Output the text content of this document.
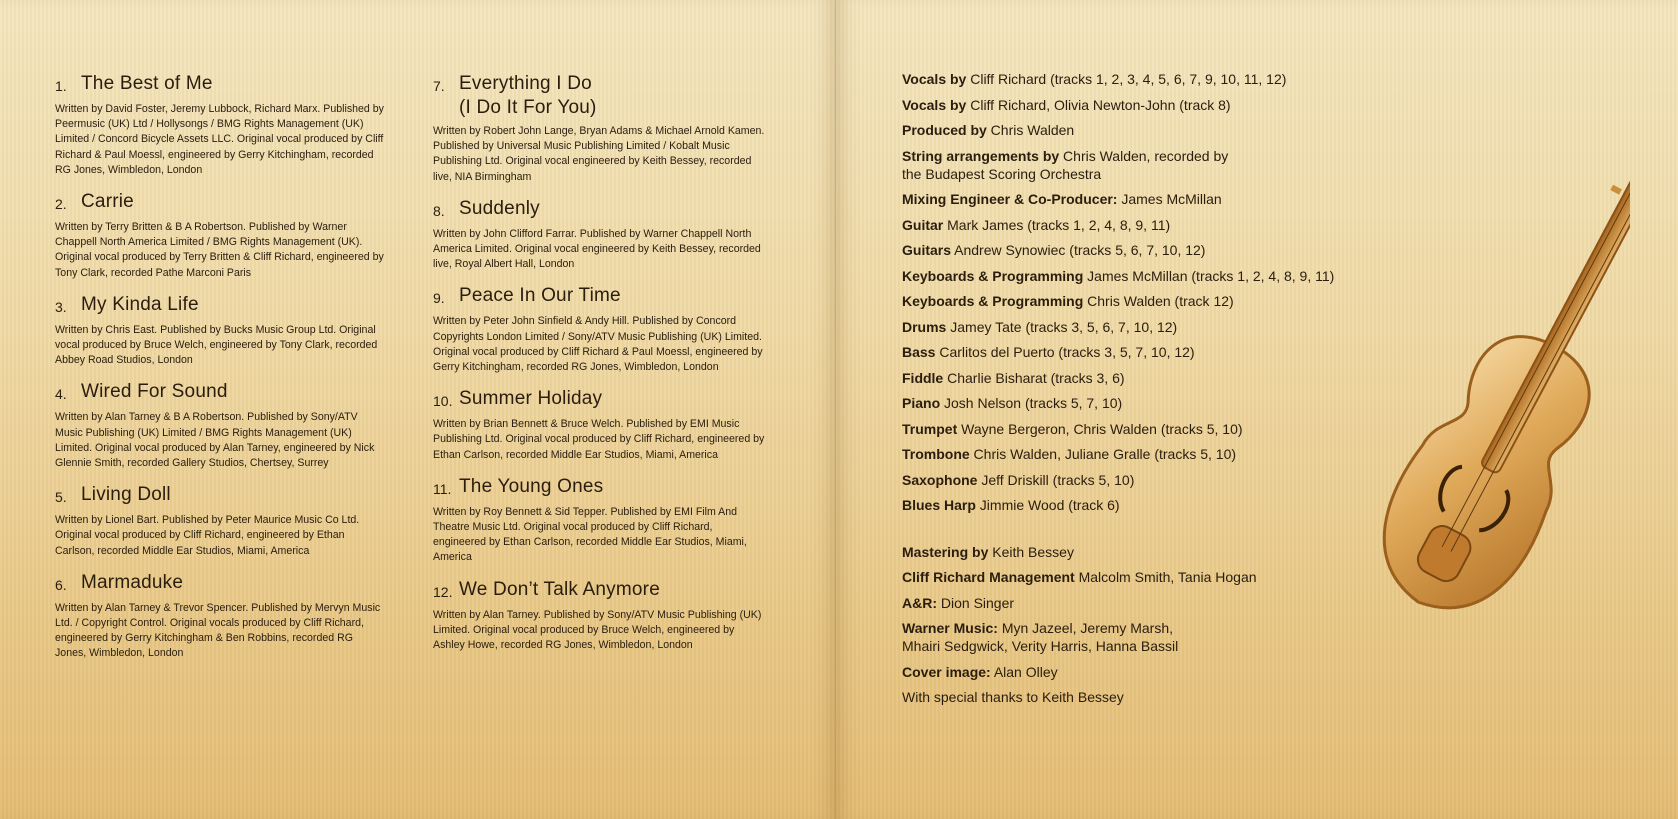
1. The Best of Me

Written by David Foster, Jeremy Lubbock, Richard Marx. Published by Peermusic (UK) Ltd / Hollysongs / BMG Rights Management (UK) Limited / Concord Bicycle Assets LLC. Original vocal produced by Cliff Richard & Paul Moessl, engineered by Gerry Kitchingham, recorded RG Jones, Wimbledon, London

2. Carrie

Written by Terry Britten & B A Robertson. Published by Warner Chappell North America Limited / BMG Rights Management (UK). Original vocal produced by Terry Britten & Cliff Richard, engineered by Tony Clark, recorded Pathe Marconi Paris

3. My Kinda Life

Written by Chris East. Published by Bucks Music Group Ltd. Original vocal produced by Bruce Welch, engineered by Tony Clark, recorded Abbey Road Studios, London

4. Wired For Sound

Written by Alan Tarney & B A Robertson. Published by Sony/ATV Music Publishing (UK) Limited / BMG Rights Management (UK) Limited. Original vocal produced by Alan Tarney, engineered by Nick Glennie Smith, recorded Gallery Studios, Chertsey, Surrey

5. Living Doll

Written by Lionel Bart. Published by Peter Maurice Music Co Ltd. Original vocal produced by Cliff Richard, engineered by Ethan Carlson, recorded Middle Ear Studios, Miami, America

6. Marmaduke

Written by Alan Tarney & Trevor Spencer. Published by Mervyn Music Ltd. / Copyright Control. Original vocals produced by Cliff Richard, engineered by Gerry Kitchingham & Ben Robbins, recorded RG Jones, Wimbledon, London

7. Everything I Do
(I Do It For You)

Written by Robert John Lange, Bryan Adams & Michael Arnold Kamen. Published by Universal Music Publishing Limited / Kobalt Music Publishing Ltd. Original vocal engineered by Keith Bessey, recorded live, NIA Birmingham

8. Suddenly

Written by John Clifford Farrar. Published by Warner Chappell North America Limited. Original vocal engineered by Keith Bessey, recorded live, Royal Albert Hall, London

9. Peace In Our Time

Written by Peter John Sinfield & Andy Hill. Published by Concord Copyrights London Limited / Sony/ATV Music Publishing (UK) Limited. Original vocal produced by Cliff Richard & Paul Moessl, engineered by Gerry Kitchingham, recorded RG Jones, Wimbledon, London

10. Summer Holiday

Written by Brian Bennett & Bruce Welch. Published by EMI Music Publishing Ltd. Original vocal produced by Cliff Richard, engineered by Ethan Carlson, recorded Middle Ear Studios, Miami, America

11. The Young Ones

Written by Roy Bennett & Sid Tepper. Published by EMI Film And Theatre Music Ltd. Original vocal produced by Cliff Richard, engineered by Ethan Carlson, recorded Middle Ear Studios, Miami, America

12. We Don’t Talk Anymore

Written by Alan Tarney. Published by Sony/ATV Music Publishing (UK) Limited. Original vocal produced by Bruce Welch, engineered by Ashley Howe, recorded RG Jones, Wimbledon, London

Vocals by Cliff Richard (tracks 1, 2, 3, 4, 5, 6, 7, 9, 10, 11, 12)
Vocals by Cliff Richard, Olivia Newton-John (track 8)
Produced by Chris Walden
String arrangements by Chris Walden, recorded by
the Budapest Scoring Orchestra
Mixing Engineer & Co-Producer: James McMillan
Guitar Mark James (tracks 1, 2, 4, 8, 9, 11)
Guitars Andrew Synowiec (tracks 5, 6, 7, 10, 12)
Keyboards & Programming James McMillan (tracks 1, 2, 4, 8, 9, 11)
Keyboards & Programming Chris Walden (track 12)
Drums Jamey Tate (tracks 3, 5, 6, 7, 10, 12)
Bass Carlitos del Puerto (tracks 3, 5, 7, 10, 12)
Fiddle Charlie Bisharat (tracks 3, 6)
Piano Josh Nelson (tracks 5, 7, 10)
Trumpet Wayne Bergeron, Chris Walden (tracks 5, 10)
Trombone Chris Walden, Juliane Gralle (tracks 5, 10)
Saxophone Jeff Driskill (tracks 5, 10)
Blues Harp Jimmie Wood (track 6)
Mastering by Keith Bessey
Cliff Richard Management Malcolm Smith, Tania Hogan
A&R: Dion Singer
Warner Music: Myn Jazeel, Jeremy Marsh,
Mhairi Sedgwick, Verity Harris, Hanna Bassil
Cover image: Alan Olley
With special thanks to Keith Bessey
